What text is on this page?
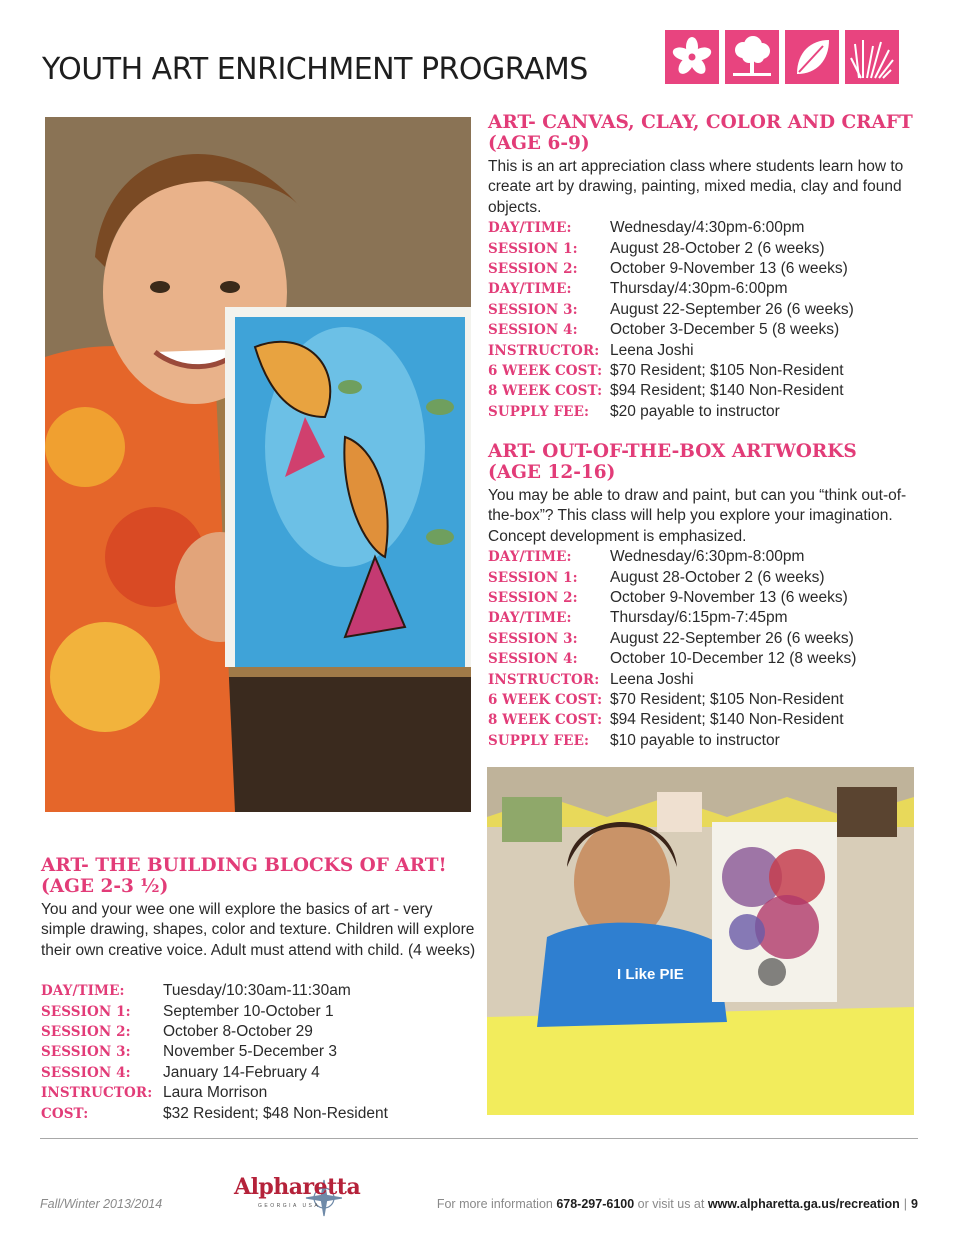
YOUTH ART ENRICHMENT PROGRAMS
ART- CANVAS, CLAY, COLOR AND CRAFT
(AGE 6-9)

This is an art appreciation class where students learn how to create art by drawing, painting, mixed media, clay and found objects.

DAY/TIME:	Wednesday/4:30pm-6:00pm
SESSION 1:	August 28-October 2 (6 weeks)
SESSION 2:	October 9-November 13 (6 weeks)
DAY/TIME:	Thursday/4:30pm-6:00pm
SESSION 3:	August 22-September 26 (6 weeks)
SESSION 4:	October 3-December 5 (8 weeks)
INSTRUCTOR: Leena Joshi
6 WEEK COST: $70 Resident; $105 Non-Resident
8 WEEK COST: $94 Resident; $140 Non-Resident
SUPPLY FEE:	$20 payable to instructor
ART- OUT-OF-THE-BOX ARTWORKS
(AGE 12-16)

You may be able to draw and paint, but can you “think out-of-the-box”? This class will help you explore your imagination. Concept development is emphasized.

DAY/TIME:	Wednesday/6:30pm-8:00pm
SESSION 1:	August 28-October 2 (6 weeks)
SESSION 2:	October 9-November 13 (6 weeks)
DAY/TIME:	Thursday/6:15pm-7:45pm
SESSION 3:	August 22-September 26 (6 weeks)
SESSION 4:	October 10-December 12 (8 weeks)
INSTRUCTOR: Leena Joshi
6 WEEK COST: $70 Resident; $105 Non-Resident
8 WEEK COST: $94 Resident; $140 Non-Resident
SUPPLY FEE:	$10 payable to instructor
I Like PIE
ART- THE BUILDING BLOCKS OF ART!
(AGE 2-3 ½)

You and your wee one will explore the basics of art - very simple drawing, shapes, color and texture. Children will explore their own creative voice. Adult must attend with child. (4 weeks)

DAY/TIME:	Tuesday/10:30am-11:30am
SESSION 1:	September 10-October 1
SESSION 2:	October 8-October 29
SESSION 3:	November 5-December 3
SESSION 4:	January 14-February 4
INSTRUCTOR: Laura Morrison
COST:	$32 Resident; $48 Non-Resident
Fall/Winter 2013/2014
Alpharetta
GEORGIA USA	For more information 678-297-6100 or visit us at www.alpharetta.ga.us/recreation | 9
